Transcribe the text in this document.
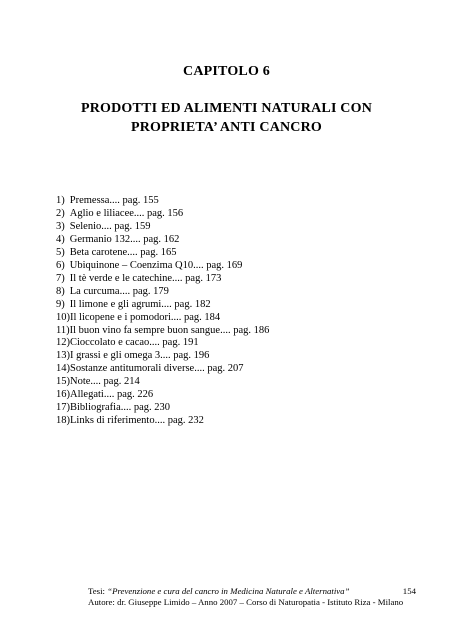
CAPITOLO 6
PRODOTTI ED ALIMENTI NATURALI CON
PROPRIETA’ ANTI CANCRO
1) Premessa.... pag. 155
2) Aglio e liliacee.... pag. 156
3) Selenio.... pag. 159
4) Germanio 132.... pag. 162
5) Beta carotene.... pag. 165
6) Ubiquinone – Coenzima Q10.... pag. 169
7) Il tè verde e le catechine.... pag. 173
8) La curcuma.... pag. 179
9) Il limone e gli agrumi.... pag. 182
10)Il licopene e i pomodori.... pag. 184
11)Il buon vino fa sempre buon sangue.... pag. 186
12)Cioccolato e cacao.... pag. 191
13)I grassi e gli omega 3.... pag. 196
14)Sostanze antitumorali diverse.... pag. 207
15)Note.... pag. 214
16)Allegati.... pag. 226
17)Bibliografia.... pag. 230
18)Links di riferimento.... pag. 232
Tesi: “Prevenzione e cura del cancro in Medicina Naturale e Alternativa”	154
Autore: dr. Giuseppe Limido – Anno 2007 – Corso di Naturopatia - Istituto Riza - Milano
